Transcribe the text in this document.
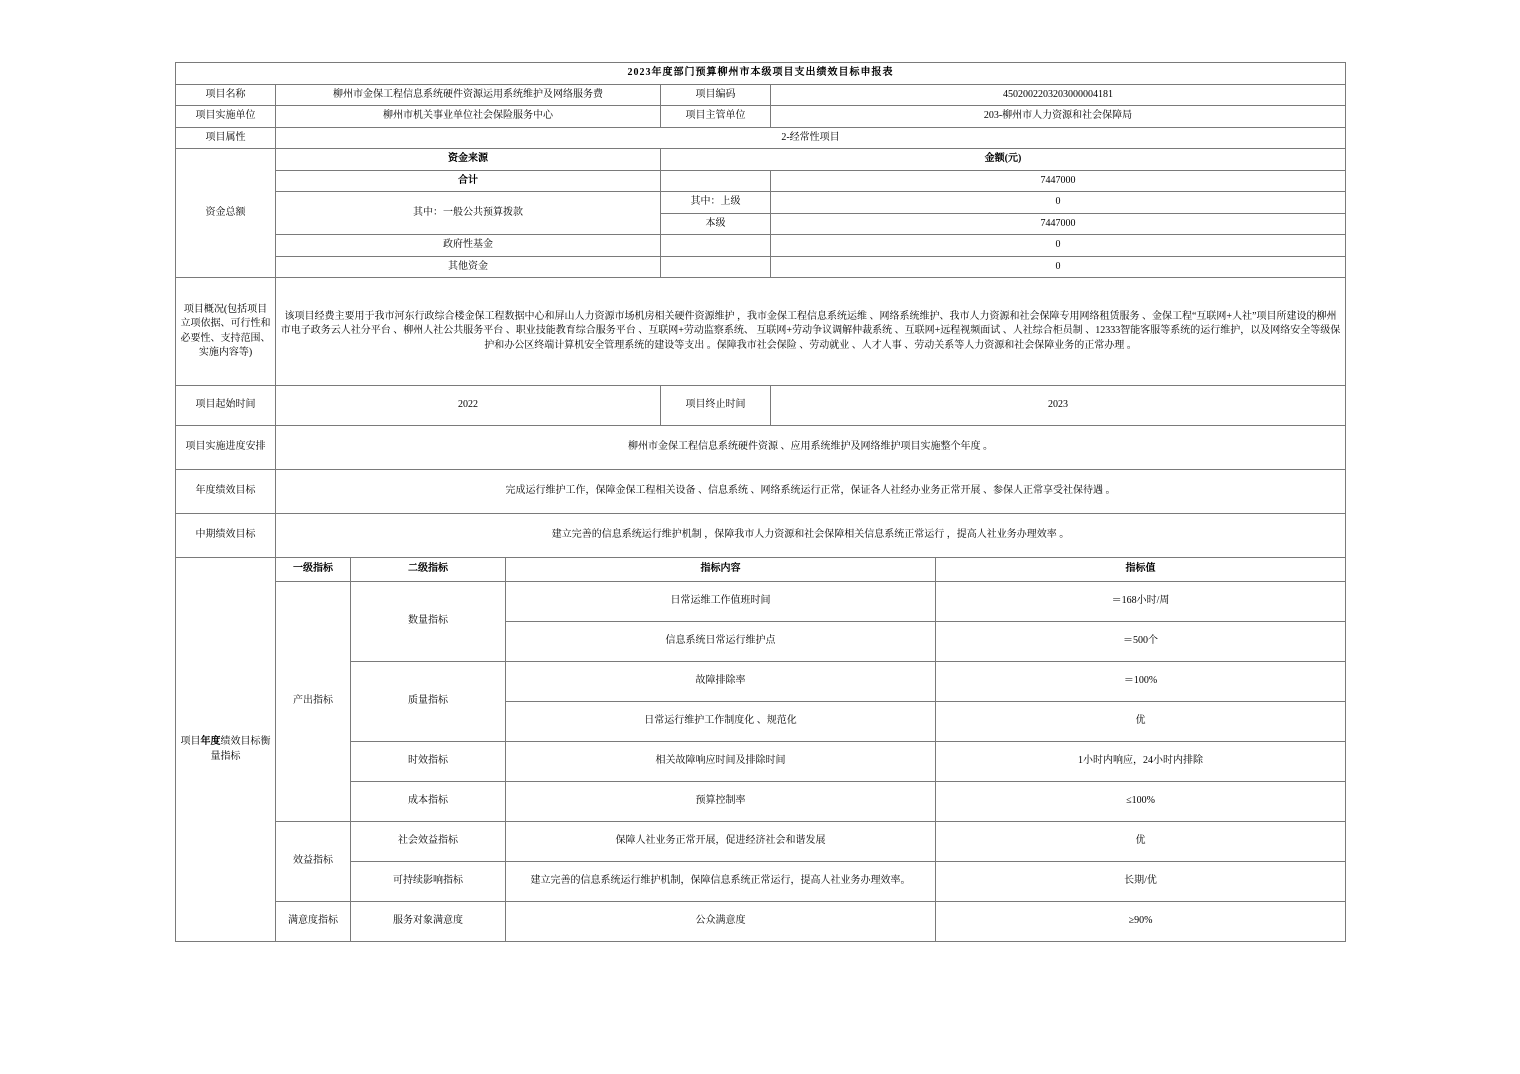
2023年度部门预算柳州市本级项目支出绩效目标申报表						
项目名称	柳州市金保工程信息系统硬件资源运用系统维护及网络服务费			项目编码	4502002203203000004181	
项目实施单位	柳州市机关事业单位社会保险服务中心			项目主管单位	203-柳州市人力资源和社会保障局	
项目属性	2-经常性项目					
资金总额	资金来源			金额(元)		
	合计				7447000	
	其中：一般公共预算拨款			其中：上级	0	
				本级	7447000	
	政府性基金				0	
	其他资金				0	
项目概况(包括项目立项依据、可行性和必要性、支持范围、实施内容等)	该项目经费主要用于我市河东行政综合楼金保工程数据中心和屏山人力资源市场机房相关硬件资源维护 ，我市金保工程信息系统运维 、网络系统维护、我市人力资源和社会保障专用网络租赁服务 、金保工程“互联网+人社”项目所建设的柳州市电子政务云人社分平台 、柳州人社公共服务平台 、职业技能教育综合服务平台 、互联网+劳动监察系统、 互联网+劳动争议调解仲裁系统 、互联网+远程视频面试 、人社综合柜员制 、12333智能客服等系统的运行维护，以及网络安全等级保护和办公区终端计算机安全管理系统的建设等支出 。保障我市社会保险 、劳动就业 、人才人事 、劳动关系等人力资源和社会保障业务的正常办理 。					
项目起始时间	2022			项目终止时间	2023	
项目实施进度安排	柳州市金保工程信息系统硬件资源 、应用系统维护及网络维护项目实施整个年度 。					
年度绩效目标	完成运行维护工作，保障金保工程相关设备 、信息系统 、网络系统运行正常，保证各人社经办业务正常开展 、参保人正常享受社保待遇 。					
中期绩效目标	建立完善的信息系统运行维护机制 ，保障我市人力资源和社会保障相关信息系统正常运行 ，提高人社业务办理效率 。					
项目年度绩效目标衡量指标	一级指标	二级指标	指标内容			指标值
	产出指标	数量指标	日常运维工作值班时间			＝168小时/周
			信息系统日常运行维护点			＝500个
		质量指标	故障排除率			＝100%
			日常运行维护工作制度化 、规范化			优
		时效指标	相关故障响应时间及排除时间			1小时内响应，24小时内排除
		成本指标	预算控制率			≤100%
	效益指标	社会效益指标	保障人社业务正常开展，促进经济社会和谐发展			优
		可持续影响指标	建立完善的信息系统运行维护机制，保障信息系统正常运行，提高人社业务办理效率。			长期/优
	满意度指标	服务对象满意度	公众满意度			≥90%
